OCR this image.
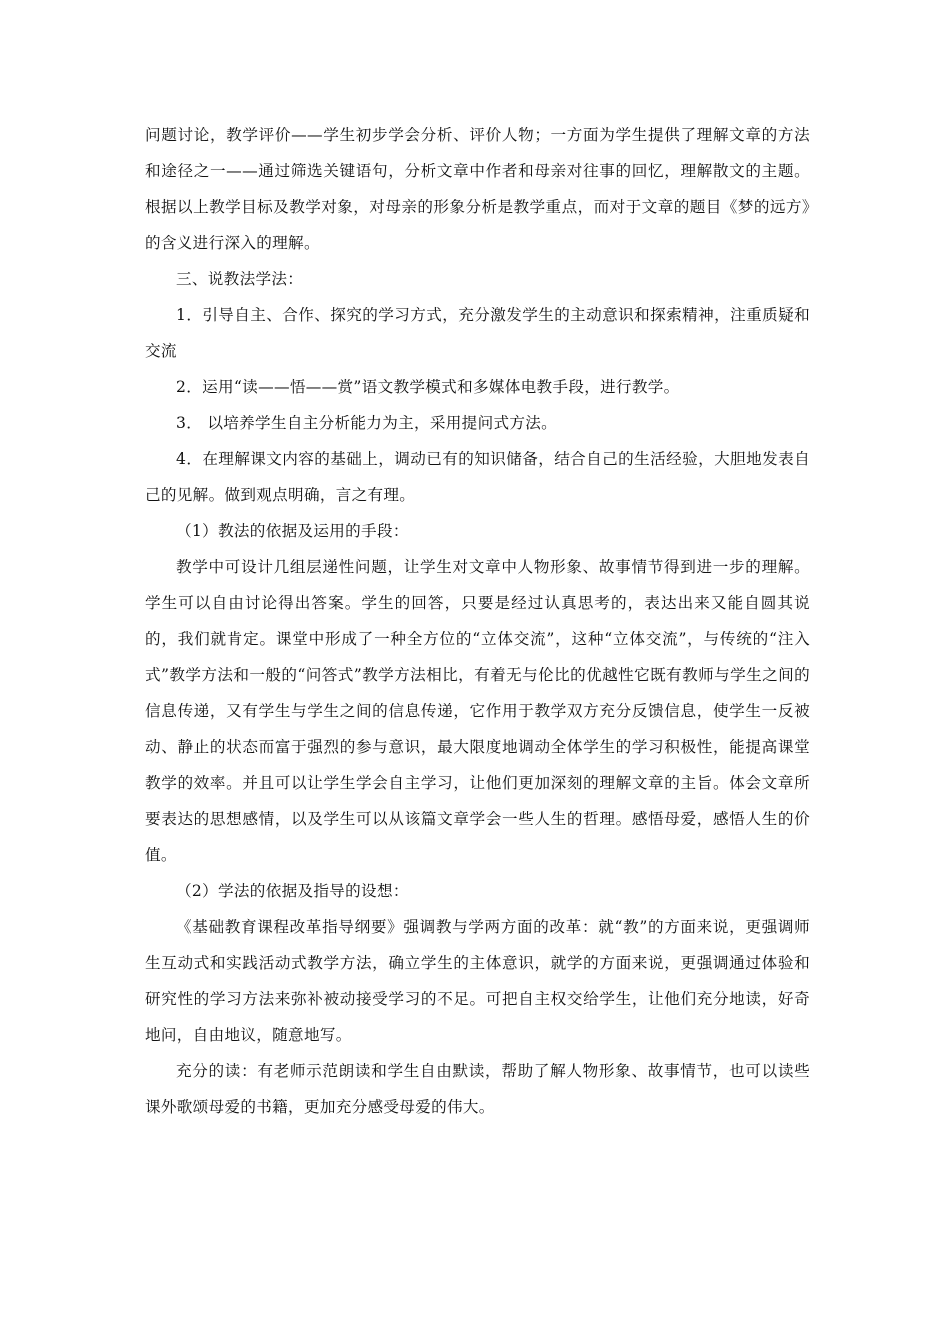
问题讨论，教学评价——学生初步学会分析、评价人物；一方面为学生提供了理解文章的方法和途径之一——通过筛选关键语句，分析文章中作者和母亲对往事的回忆，理解散文的主题。根据以上教学目标及教学对象，对母亲的形象分析是教学重点，而对于文章的题目《梦的远方》的含义进行深入的理解。

三、说教法学法：

1．引导自主、合作、探究的学习方式，充分激发学生的主动意识和探索精神，注重质疑和交流

2．运用“读——悟——赏”语文教学模式和多媒体电教手段，进行教学。

3． 以培养学生自主分析能力为主，采用提问式方法。

4．在理解课文内容的基础上，调动已有的知识储备，结合自己的生活经验，大胆地发表自己的见解。做到观点明确，言之有理。

（1）教法的依据及运用的手段：

教学中可设计几组层递性问题，让学生对文章中人物形象、故事情节得到进一步的理解。学生可以自由讨论得出答案。学生的回答，只要是经过认真思考的，表达出来又能自圆其说的，我们就肯定。课堂中形成了一种全方位的“立体交流”，这种“立体交流”，与传统的“注入式”教学方法和一般的“问答式”教学方法相比，有着无与伦比的优越性它既有教师与学生之间的信息传递，又有学生与学生之间的信息传递，它作用于教学双方充分反馈信息，使学生一反被动、静止的状态而富于强烈的参与意识，最大限度地调动全体学生的学习积极性，能提高课堂教学的效率。并且可以让学生学会自主学习，让他们更加深刻的理解文章的主旨。体会文章所要表达的思想感情，以及学生可以从该篇文章学会一些人生的哲理。感悟母爱，感悟人生的价值。

（2）学法的依据及指导的设想：

《基础教育课程改革指导纲要》强调教与学两方面的改革：就“教”的方面来说，更强调师生互动式和实践活动式教学方法，确立学生的主体意识，就学的方面来说，更强调通过体验和研究性的学习方法来弥补被动接受学习的不足。可把自主权交给学生，让他们充分地读，好奇地问，自由地议，随意地写。

充分的读：有老师示范朗读和学生自由默读，帮助了解人物形象、故事情节，也可以读些课外歌颂母爱的书籍，更加充分感受母爱的伟大。
